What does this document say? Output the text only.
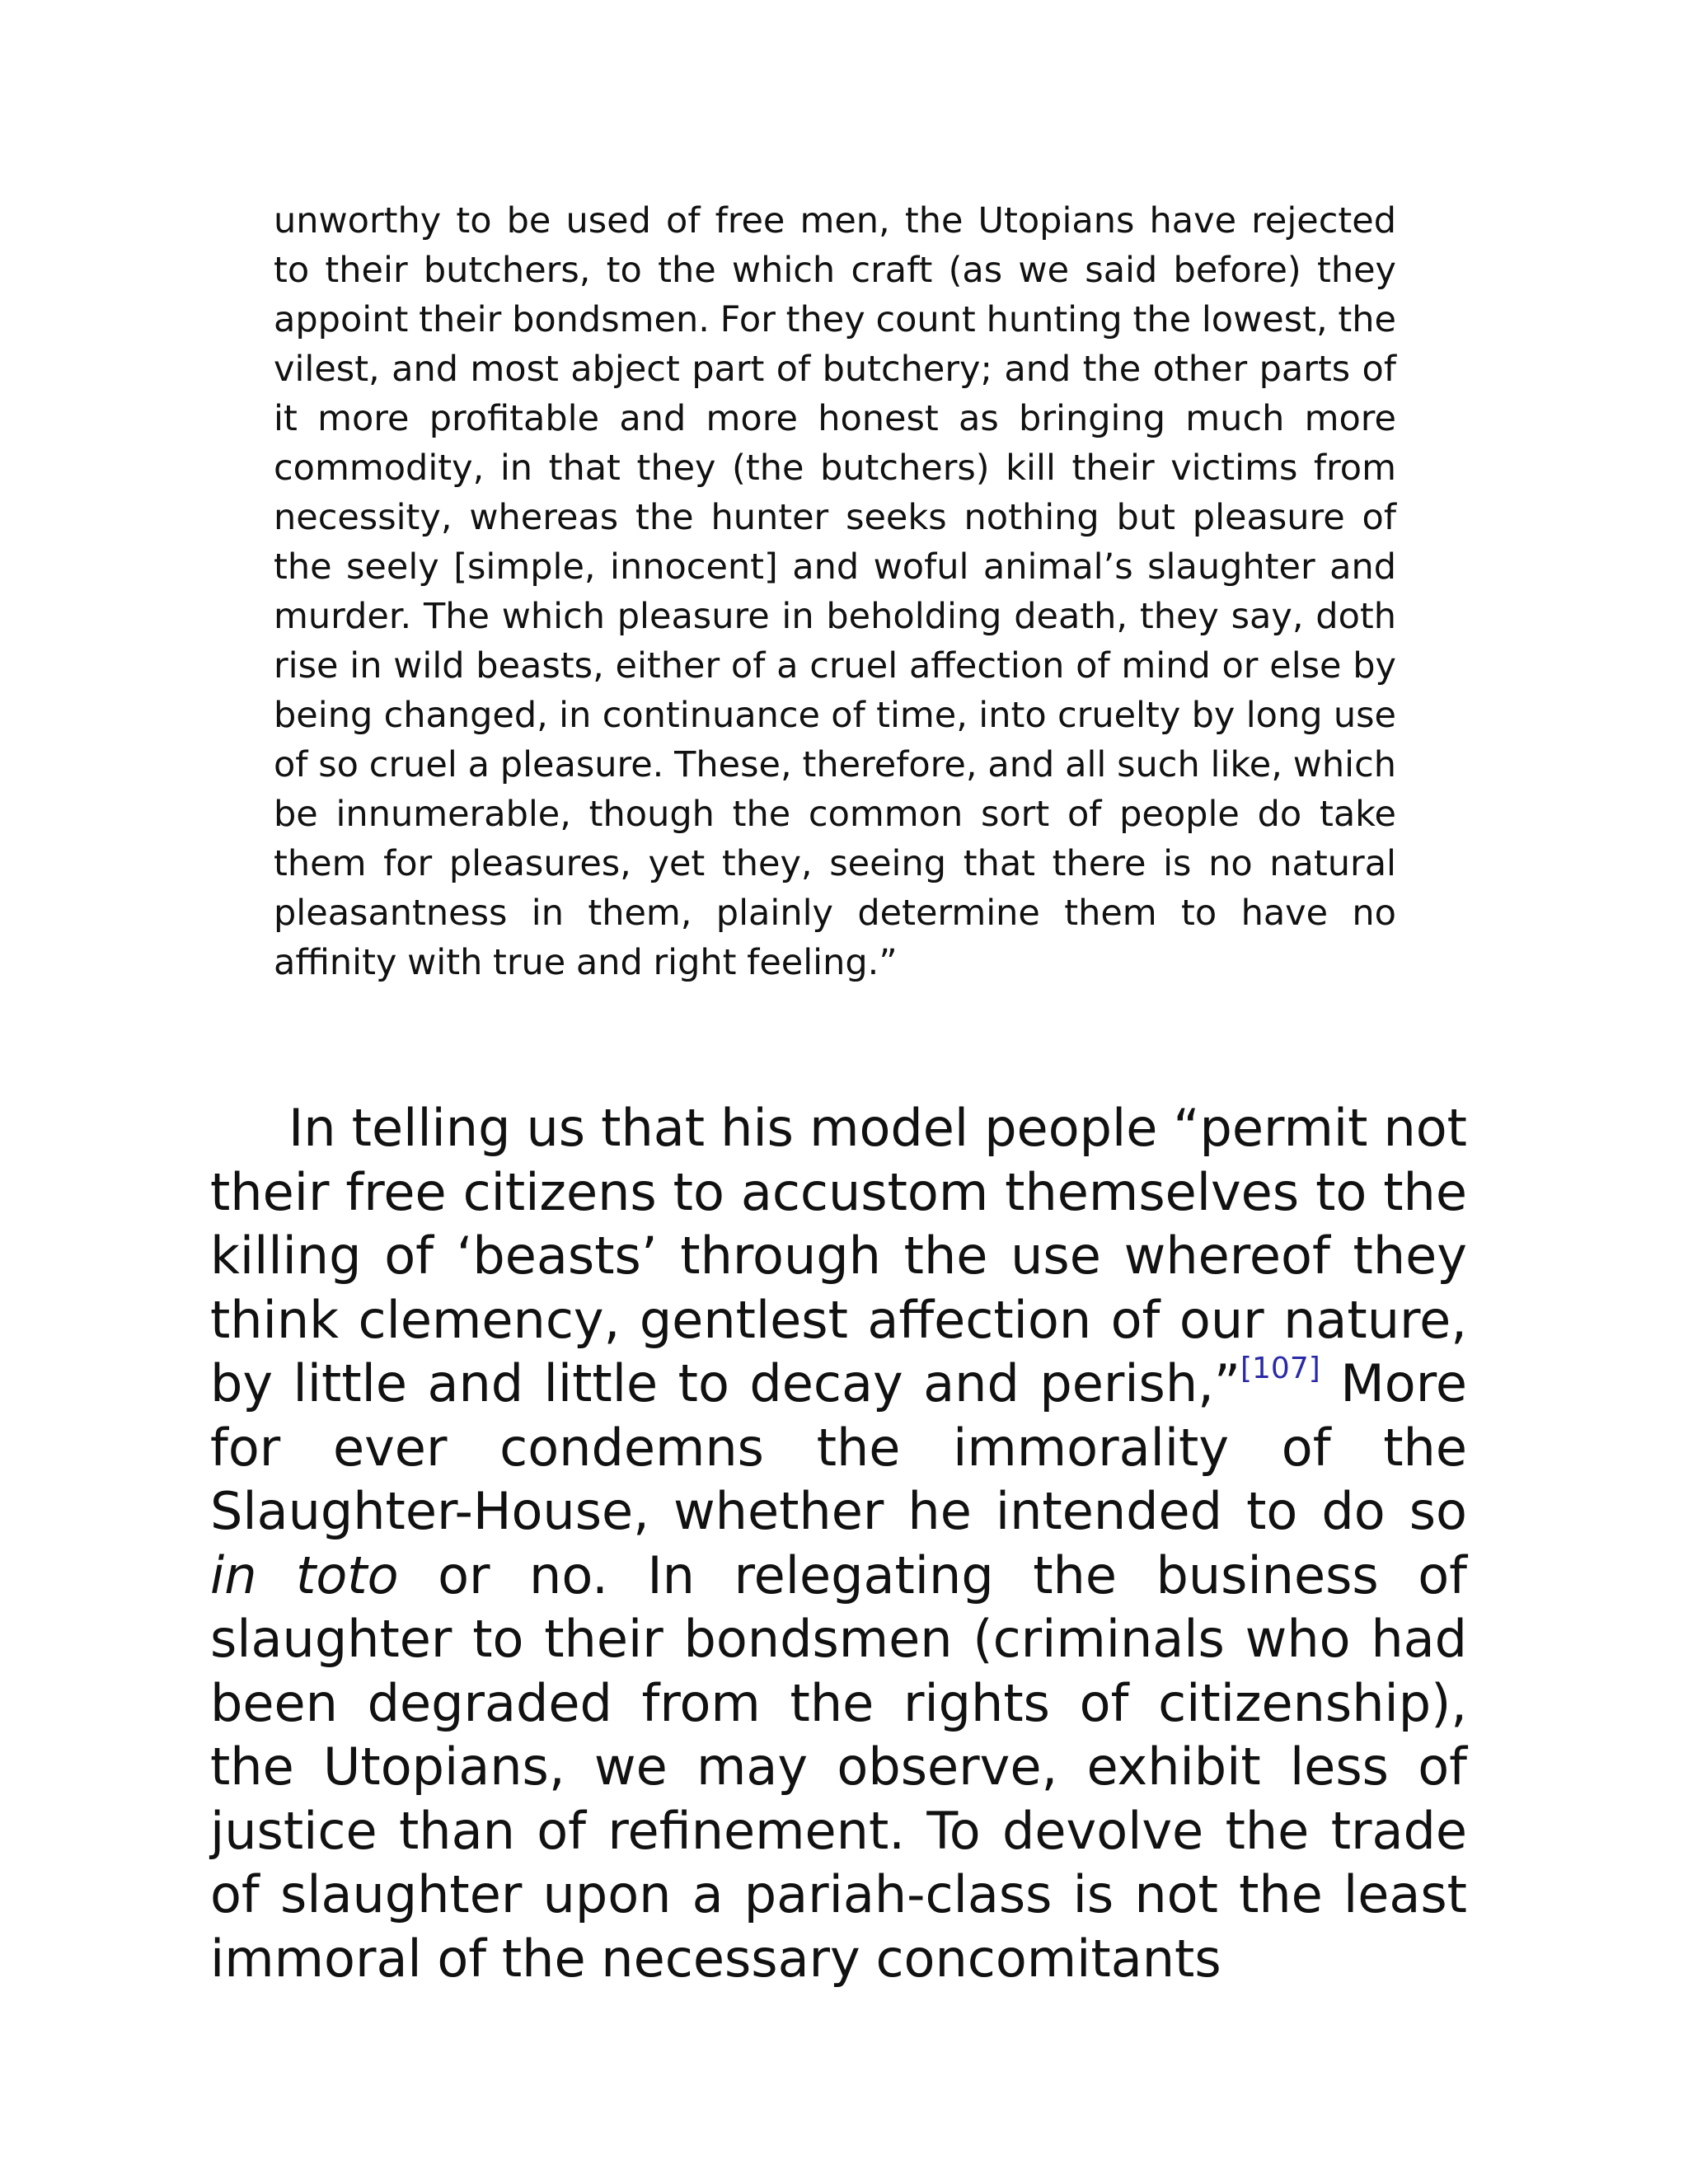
unworthy to be used of free men, the Utopians have rejected to their butchers, to the which craft (as we said before) they appoint their bondsmen. For they count hunting the lowest, the vilest, and most abject part of butchery; and the other parts of it more profitable and more honest as bringing much more commodity, in that they (the butchers) kill their victims from necessity, whereas the hunter seeks nothing but pleasure of the seely [simple, innocent] and woful animal’s slaughter and murder. The which pleasure in beholding death, they say, doth rise in wild beasts, either of a cruel affection of mind or else by being changed, in continuance of time, into cruelty by long use of so cruel a pleasure. These, therefore, and all such like, which be innumerable, though the common sort of people do take them for pleasures, yet they, seeing that there is no natural pleasantness in them, plainly determine them to have no affinity with true and right feeling.”
In telling us that his model people “permit not their free citizens to accustom themselves to the killing of ‘beasts’ through the use whereof they think clemency, gentlest affection of our nature, by little and little to decay and perish,”[107] More for ever condemns the immorality of the Slaughter-House, whether he intended to do so in toto or no. In relegating the business of slaughter to their bondsmen (criminals who had been degraded from the rights of citizenship), the Utopians, we may observe, exhibit less of justice than of refinement. To devolve the trade of slaughter upon a pariah-class is not the least immoral of the necessary concomitants
